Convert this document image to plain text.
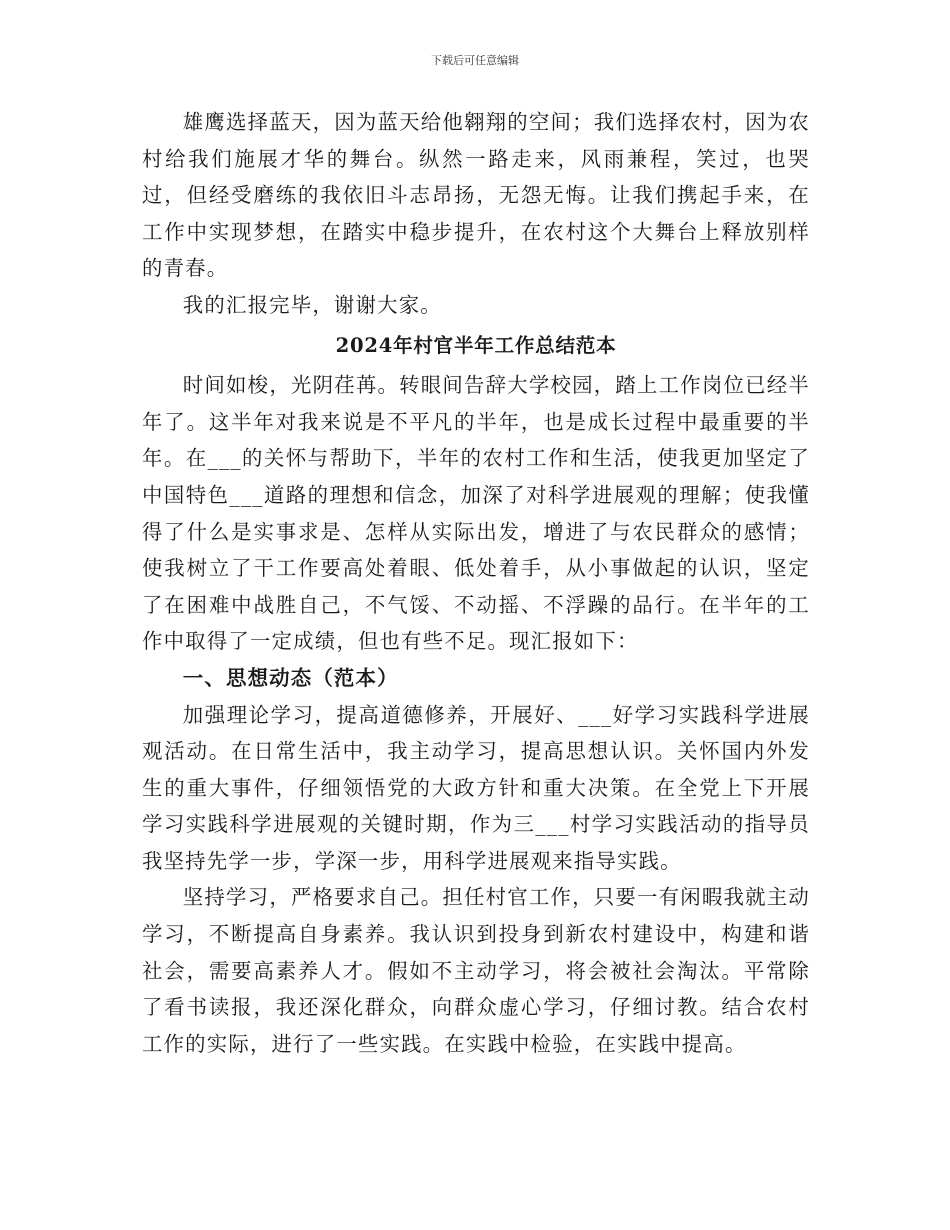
下载后可任意编辑

雄鹰选择蓝天，因为蓝天给他翱翔的空间；我们选择农村，因为农村给我们施展才华的舞台。纵然一路走来，风雨兼程，笑过，也哭过，但经受磨练的我依旧斗志昂扬，无怨无悔。让我们携起手来，在工作中实现梦想，在踏实中稳步提升，在农村这个大舞台上释放别样的青春。

我的汇报完毕，谢谢大家。

2024年村官半年工作总结范本

时间如梭，光阴荏苒。转眼间告辞大学校园，踏上工作岗位已经半年了。这半年对我来说是不平凡的半年，也是成长过程中最重要的半年。在___的关怀与帮助下，半年的农村工作和生活，使我更加坚定了中国特色___道路的理想和信念，加深了对科学进展观的理解；使我懂得了什么是实事求是、怎样从实际出发，增进了与农民群众的感情；使我树立了干工作要高处着眼、低处着手，从小事做起的认识，坚定了在困难中战胜自己，不气馁、不动摇、不浮躁的品行。在半年的工作中取得了一定成绩，但也有些不足。现汇报如下：

一、思想动态（范本）

加强理论学习，提高道德修养，开展好、___好学习实践科学进展观活动。在日常生活中，我主动学习，提高思想认识。关怀国内外发生的重大事件，仔细领悟党的大政方针和重大决策。在全党上下开展学习实践科学进展观的关键时期，作为三___村学习实践活动的指导员我坚持先学一步，学深一步，用科学进展观来指导实践。

坚持学习，严格要求自己。担任村官工作，只要一有闲暇我就主动学习，不断提高自身素养。我认识到投身到新农村建设中，构建和谐社会，需要高素养人才。假如不主动学习，将会被社会淘汰。平常除了看书读报，我还深化群众，向群众虚心学习，仔细讨教。结合农村工作的实际，进行了一些实践。在实践中检验，在实践中提高。
